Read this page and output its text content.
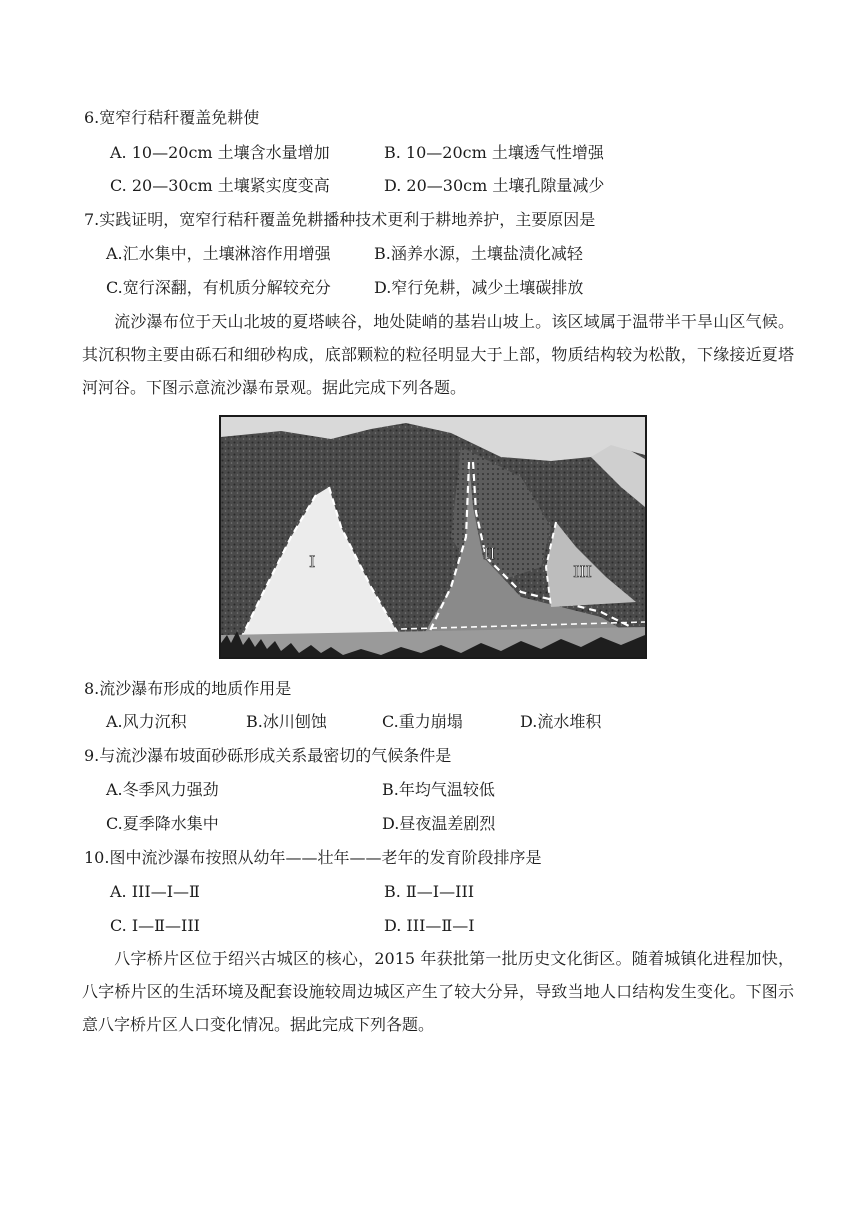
6.宽窄行秸秆覆盖免耕使
A. 10—20cm 土壤含水量增加	B. 10—20cm 土壤透气性增强
C. 20—30cm 土壤紧实度变高	D. 20—30cm 土壤孔隙量减少
7.实践证明，宽窄行秸秆覆盖免耕播种技术更利于耕地养护，主要原因是
A.汇水集中，土壤淋溶作用增强	B.涵养水源，土壤盐渍化减轻
C.宽行深翻，有机质分解较充分	D.窄行免耕，减少土壤碳排放
流沙瀑布位于天山北坡的夏塔峡谷，地处陡峭的基岩山坡上。该区域属于温带半干旱山区气候。其沉积物主要由砾石和细砂构成，底部颗粒的粒径明显大于上部，物质结构较为松散，下缘接近夏塔河河谷。下图示意流沙瀑布景观。据此完成下列各题。
I	II
III
8.流沙瀑布形成的地质作用是
A.风力沉积	B.冰川刨蚀	C.重力崩塌	D.流水堆积
9.与流沙瀑布坡面砂砾形成关系最密切的气候条件是
A.冬季风力强劲	B.年均气温较低
C.夏季降水集中	D.昼夜温差剧烈
10.图中流沙瀑布按照从幼年——壮年——老年的发育阶段排序是
A. III—Ⅰ—Ⅱ	B. Ⅱ—Ⅰ—III
C. Ⅰ—Ⅱ—III	D. III—Ⅱ—Ⅰ
八字桥片区位于绍兴古城区的核心，2015 年获批第一批历史文化街区。随着城镇化进程加快，八字桥片区的生活环境及配套设施较周边城区产生了较大分异，导致当地人口结构发生变化。下图示意八字桥片区人口变化情况。据此完成下列各题。
